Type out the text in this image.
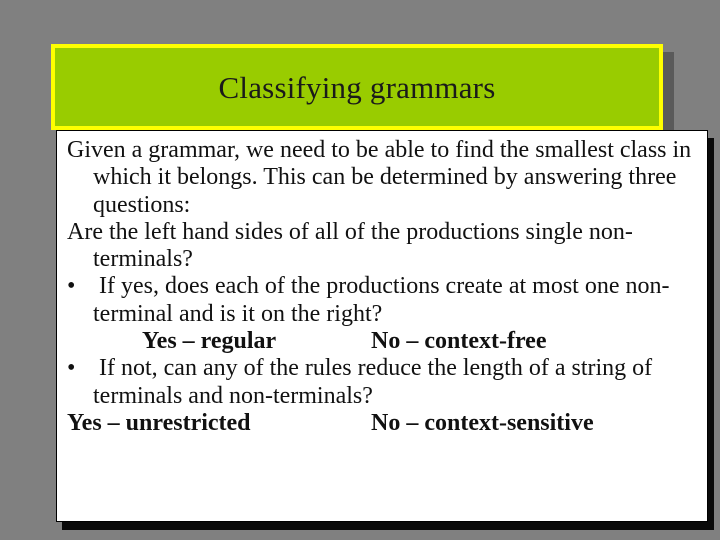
Classifying grammars

Given a grammar, we need to be able to find the smallest class in which it belongs. This can be determined by answering three questions:

Are the left hand sides of all of the productions single non-terminals?

• If yes, does each of the productions create at most one non-terminal and is it on the right?

Yes – regular

	No – context-free

• If not, can any of the rules reduce the length of a string of terminals and non-terminals?

Yes – unrestricted

	No – context-sensitive
